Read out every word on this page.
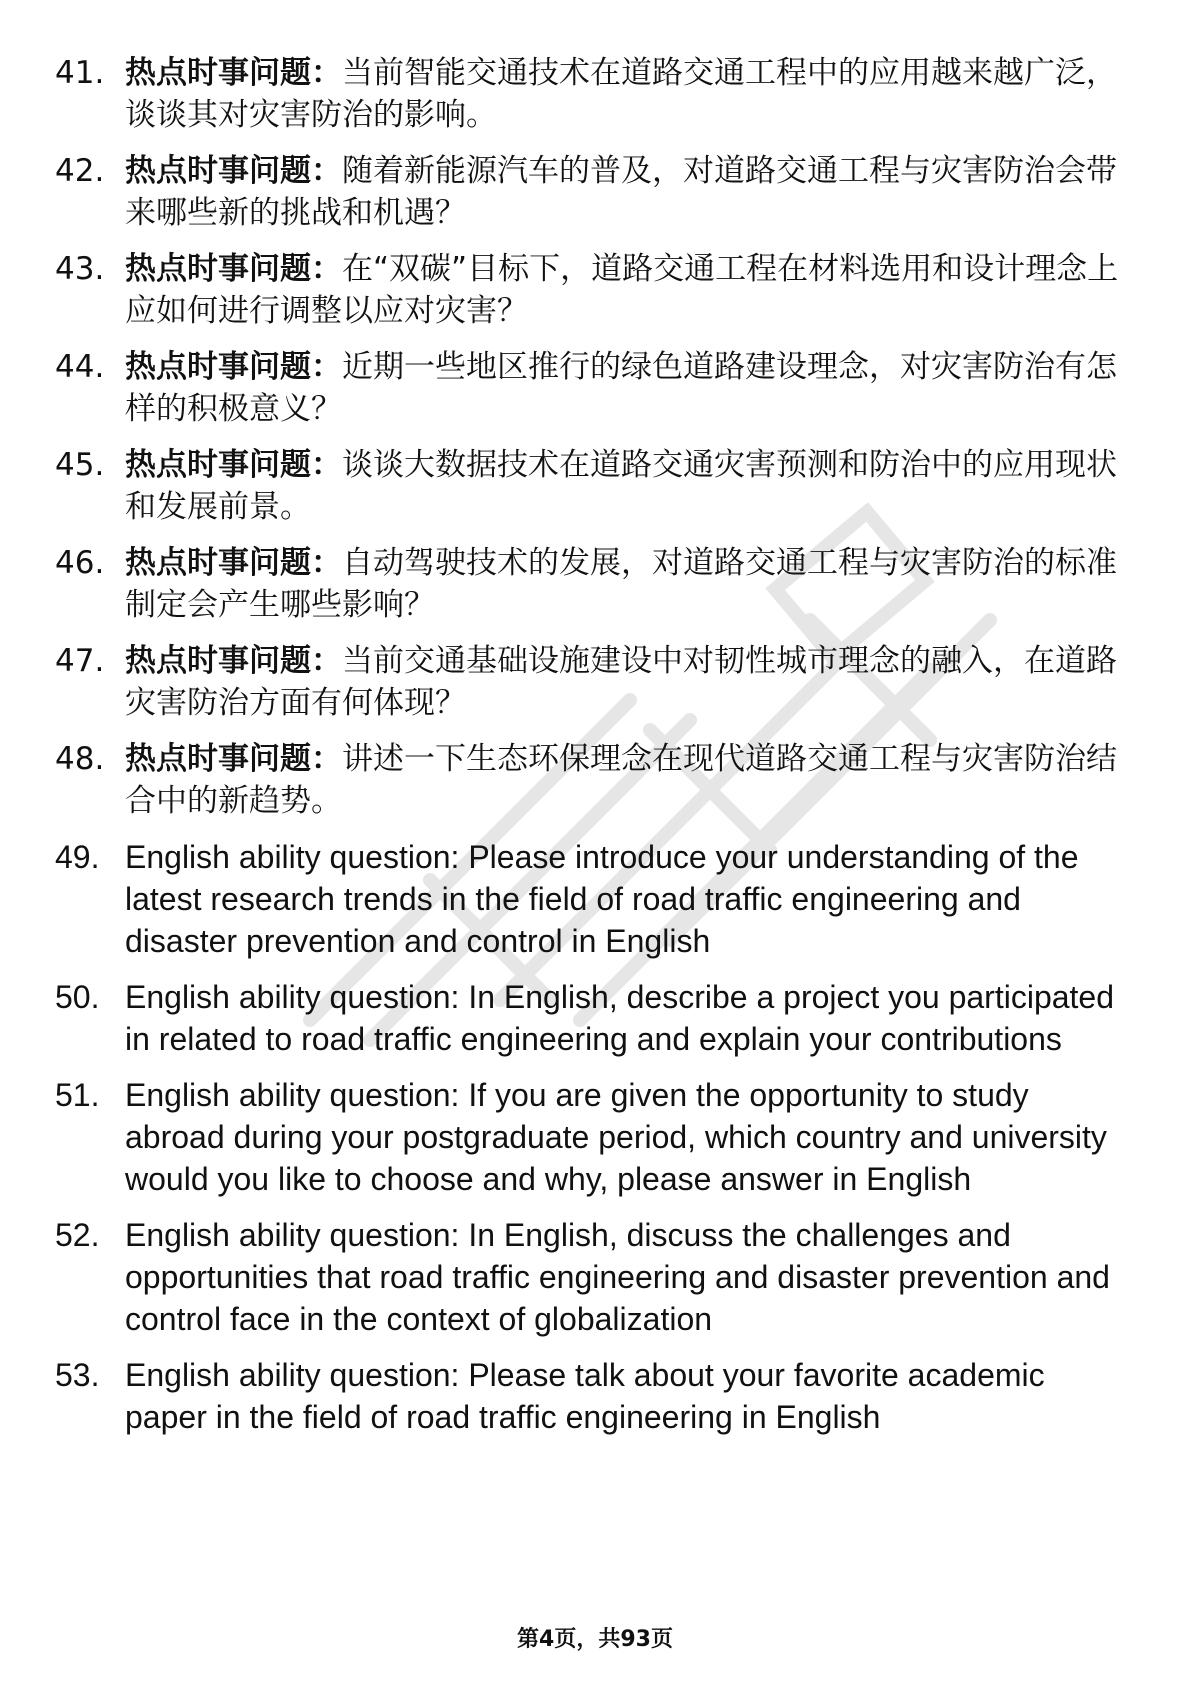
41. 热点时事问题：当前智能交通技术在道路交通工程中的应用越来越广泛，谈谈其对灾害防治的影响。
42. 热点时事问题：随着新能源汽车的普及，对道路交通工程与灾害防治会带来哪些新的挑战和机遇？
43. 热点时事问题：在“双碳”目标下，道路交通工程在材料选用和设计理念上应如何进行调整以应对灾害？
44. 热点时事问题：近期一些地区推行的绿色道路建设理念，对灾害防治有怎样的积极意义？
45. 热点时事问题：谈谈大数据技术在道路交通灾害预测和防治中的应用现状和发展前景。
46. 热点时事问题：自动驾驶技术的发展，对道路交通工程与灾害防治的标准制定会产生哪些影响？
47. 热点时事问题：当前交通基础设施建设中对韧性城市理念的融入，在道路灾害防治方面有何体现？
48. 热点时事问题：讲述一下生态环保理念在现代道路交通工程与灾害防治结合中的新趋势。
49. English ability question: Please introduce your understanding of the latest research trends in the field of road traffic engineering and disaster prevention and control in English
50. English ability question: In English, describe a project you participated in related to road traffic engineering and explain your contributions
51. English ability question: If you are given the opportunity to study abroad during your postgraduate period, which country and university would you like to choose and why, please answer in English
52. English ability question: In English, discuss the challenges and opportunities that road traffic engineering and disaster prevention and control face in the context of globalization
53. English ability question: Please talk about your favorite academic paper in the field of road traffic engineering in English
第4页，共93页
